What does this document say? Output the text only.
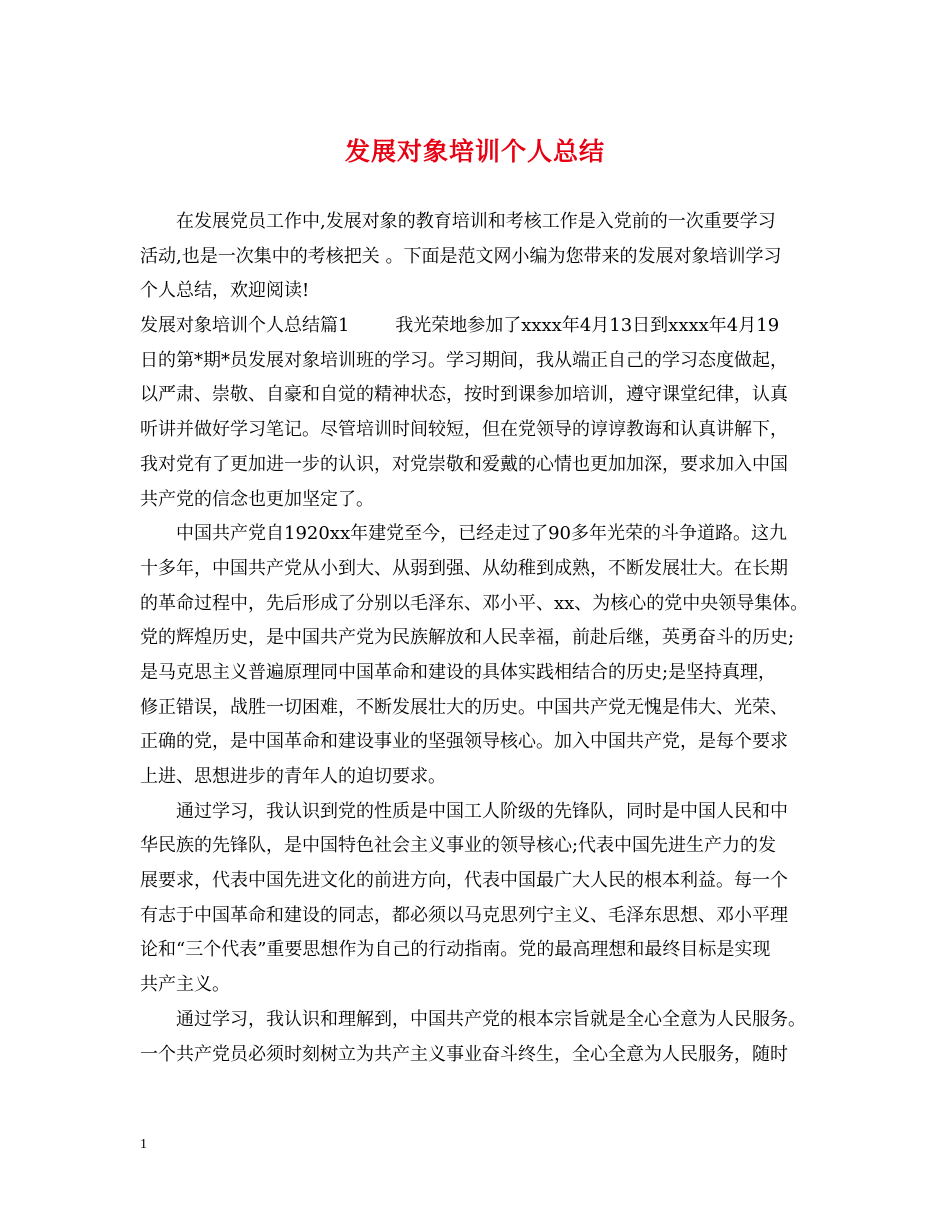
发展对象培训个人总结
在发展党员工作中,发展对象的教育培训和考核工作是入党前的一次重要学习
活动,也是一次集中的考核把关 。下面是范文网小编为您带来的发展对象培训学习
个人总结，欢迎阅读!
发展对象培训个人总结篇1        我光荣地参加了xxxx年4月13日到xxxx年4月19
日的第*期*员发展对象培训班的学习。学习期间，我从端正自己的学习态度做起，
以严肃、崇敬、自豪和自觉的精神状态，按时到课参加培训，遵守课堂纪律，认真
听讲并做好学习笔记。尽管培训时间较短，但在党领导的谆谆教诲和认真讲解下，
我对党有了更加进一步的认识，对党崇敬和爱戴的心情也更加加深，要求加入中国
共产党的信念也更加坚定了。
中国共产党自1920xx年建党至今，已经走过了90多年光荣的斗争道路。这九
十多年，中国共产党从小到大、从弱到强、从幼稚到成熟，不断发展壮大。在长期
的革命过程中，先后形成了分别以毛泽东、邓小平、xx、为核心的党中央领导集体。
党的辉煌历史，是中国共产党为民族解放和人民幸福，前赴后继，英勇奋斗的历史;
是马克思主义普遍原理同中国革命和建设的具体实践相结合的历史;是坚持真理，
修正错误，战胜一切困难，不断发展壮大的历史。中国共产党无愧是伟大、光荣、
正确的党，是中国革命和建设事业的坚强领导核心。加入中国共产党，是每个要求
上进、思想进步的青年人的迫切要求。
通过学习，我认识到党的性质是中国工人阶级的先锋队，同时是中国人民和中
华民族的先锋队，是中国特色社会主义事业的领导核心;代表中国先进生产力的发
展要求，代表中国先进文化的前进方向，代表中国最广大人民的根本利益。每一个
有志于中国革命和建设的同志，都必须以马克思列宁主义、毛泽东思想、邓小平理
论和“三个代表”重要思想作为自己的行动指南。党的最高理想和最终目标是实现
共产主义。
通过学习，我认识和理解到，中国共产党的根本宗旨就是全心全意为人民服务。
一个共产党员必须时刻树立为共产主义事业奋斗终生，全心全意为人民服务，随时
1
